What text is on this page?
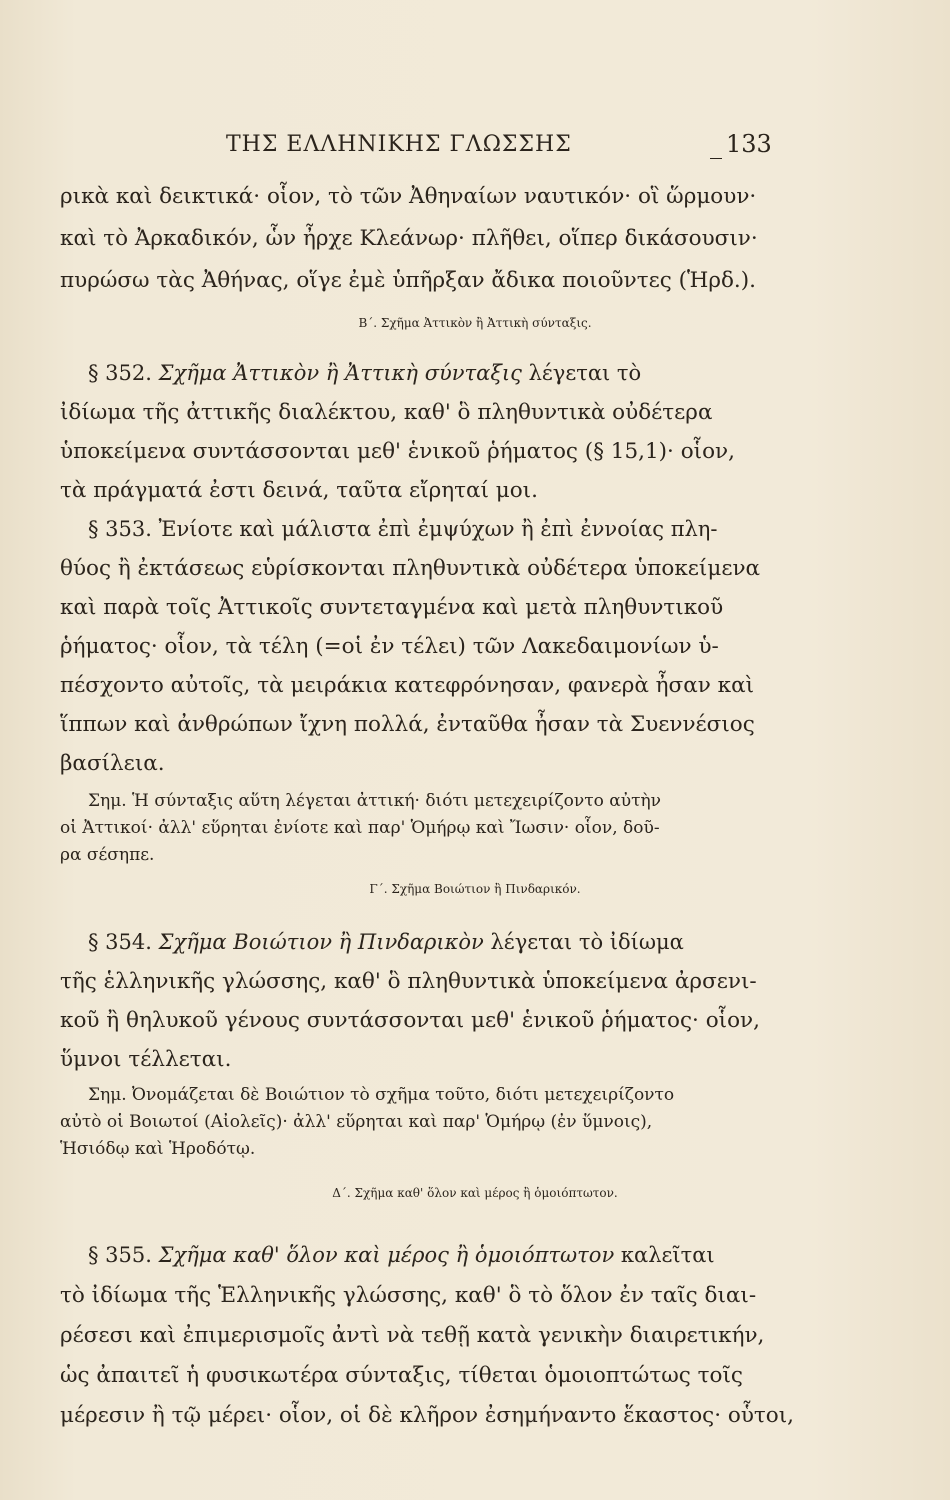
ΤΗΣ ΕΛΛΗΝΙΚΗΣ ΓΛΩΣΣΗΣ	133
ρικὰ καὶ δεικτικά· οἷον, τὸ τῶν Ἀθηναίων ναυτικόν· οἳ ὥρμουν·
καὶ τὸ Ἀρκαδικόν, ὧν ἦρχε Κλεάνωρ· πλῆθει, οἵπερ δικάσουσιν·
πυρώσω τὰς Ἀθήνας, οἵγε ἐμὲ ὑπῆρξαν ἄδικα ποιοῦντες (Ἡρδ.).
Β΄. Σχῆμα Ἀττικὸν ἢ Ἀττικὴ σύνταξις.
§ 352. Σχῆμα Ἀττικὸν ἢ Ἀττικὴ σύνταξις λέγεται τὸ
ἰδίωμα τῆς ἀττικῆς διαλέκτου, καθ' ὃ πληθυντικὰ οὐδέτερα
ὑποκείμενα συντάσσονται μεθ' ἑνικοῦ ῥήματος (§ 15,1)· οἷον,
τὰ πράγματά ἐστι δεινά, ταῦτα εἴρηταί μοι.
§ 353. Ἐνίοτε καὶ μάλιστα ἐπὶ ἐμψύχων ἢ ἐπὶ ἐννοίας πλη-
θύος ἢ ἐκτάσεως εὑρίσκονται πληθυντικὰ οὐδέτερα ὑποκείμενα
καὶ παρὰ τοῖς Ἀττικοῖς συντεταγμένα καὶ μετὰ πληθυντικοῦ
ῥήματος· οἷον, τὰ τέλη (=οἱ ἐν τέλει) τῶν Λακεδαιμονίων ὑ-
πέσχοντο αὐτοῖς, τὰ μειράκια κατεφρόνησαν, φανερὰ ἦσαν καὶ
ἵππων καὶ ἀνθρώπων ἴχνη πολλά, ἐνταῦθα ἦσαν τὰ Συεννέσιος
βασίλεια.
Σημ. Ἡ σύνταξις αὕτη λέγεται ἀττική· διότι μετεχειρίζοντο αὐτὴν
οἱ Ἀττικοί· ἀλλ' εὕρηται ἐνίοτε καὶ παρ' Ὁμήρῳ καὶ Ἴωσιν· οἷον, δοῦ-
ρα σέσηπε.
Γ΄. Σχῆμα Βοιώτιον ἢ Πινδαρικόν.
§ 354. Σχῆμα Βοιώτιον ἢ Πινδαρικὸν λέγεται τὸ ἰδίωμα
τῆς ἑλληνικῆς γλώσσης, καθ' ὃ πληθυντικὰ ὑποκείμενα ἀρσενι-
κοῦ ἢ θηλυκοῦ γένους συντάσσονται μεθ' ἑνικοῦ ῥήματος· οἷον,
ὕμνοι τέλλεται.
Σημ. Ὀνομάζεται δὲ Βοιώτιον τὸ σχῆμα τοῦτο, διότι μετεχειρίζοντο
αὐτὸ οἱ Βοιωτοί (Αἰολεῖς)· ἀλλ' εὕρηται καὶ παρ' Ὁμήρῳ (ἐν ὕμνοις),
Ἡσιόδῳ καὶ Ἡροδότῳ.
Δ΄. Σχῆμα καθ' ὅλον καὶ μέρος ἢ ὁμοιόπτωτον.
§ 355. Σχῆμα καθ' ὅλον καὶ μέρος ἢ ὁμοιόπτωτον καλεῖται
τὸ ἰδίωμα τῆς Ἑλληνικῆς γλώσσης, καθ' ὃ τὸ ὅλον ἐν ταῖς διαι-
ρέσεσι καὶ ἐπιμερισμοῖς ἀντὶ νὰ τεθῇ κατὰ γενικὴν διαιρετικήν,
ὡς ἀπαιτεῖ ἡ φυσικωτέρα σύνταξις, τίθεται ὁμοιοπτώτως τοῖς
μέρεσιν ἢ τῷ μέρει· οἷον, οἱ δὲ κλῆρον ἐσημήναντο ἕκαστος· οὗτοι,
